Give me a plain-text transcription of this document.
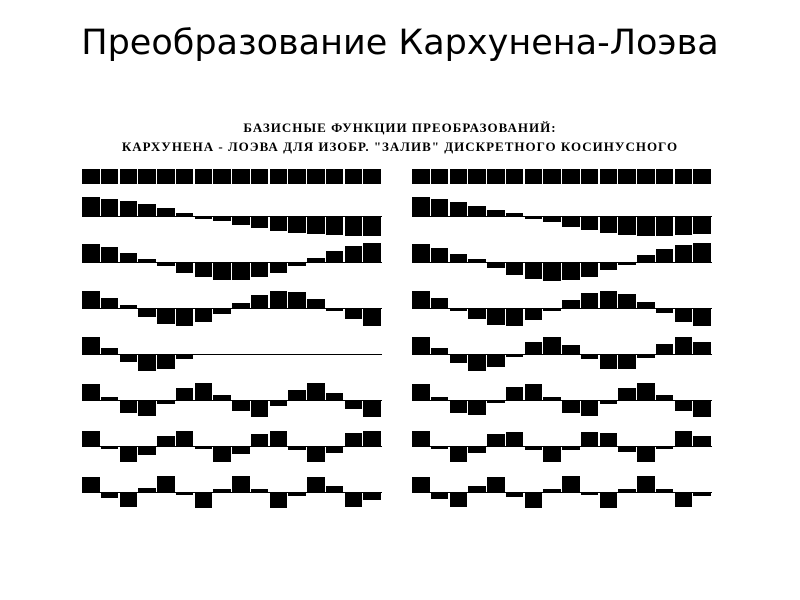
Преобразование Кархунена-Лоэва
БАЗИСНЫЕ ФУНКЦИИ ПРЕОБРАЗОВАНИЙ:
КАРХУНЕНА - ЛОЭВА ДЛЯ ИЗОБР. "ЗАЛИВ" ДИСКРЕТНОГО КОСИНУСНОГО
